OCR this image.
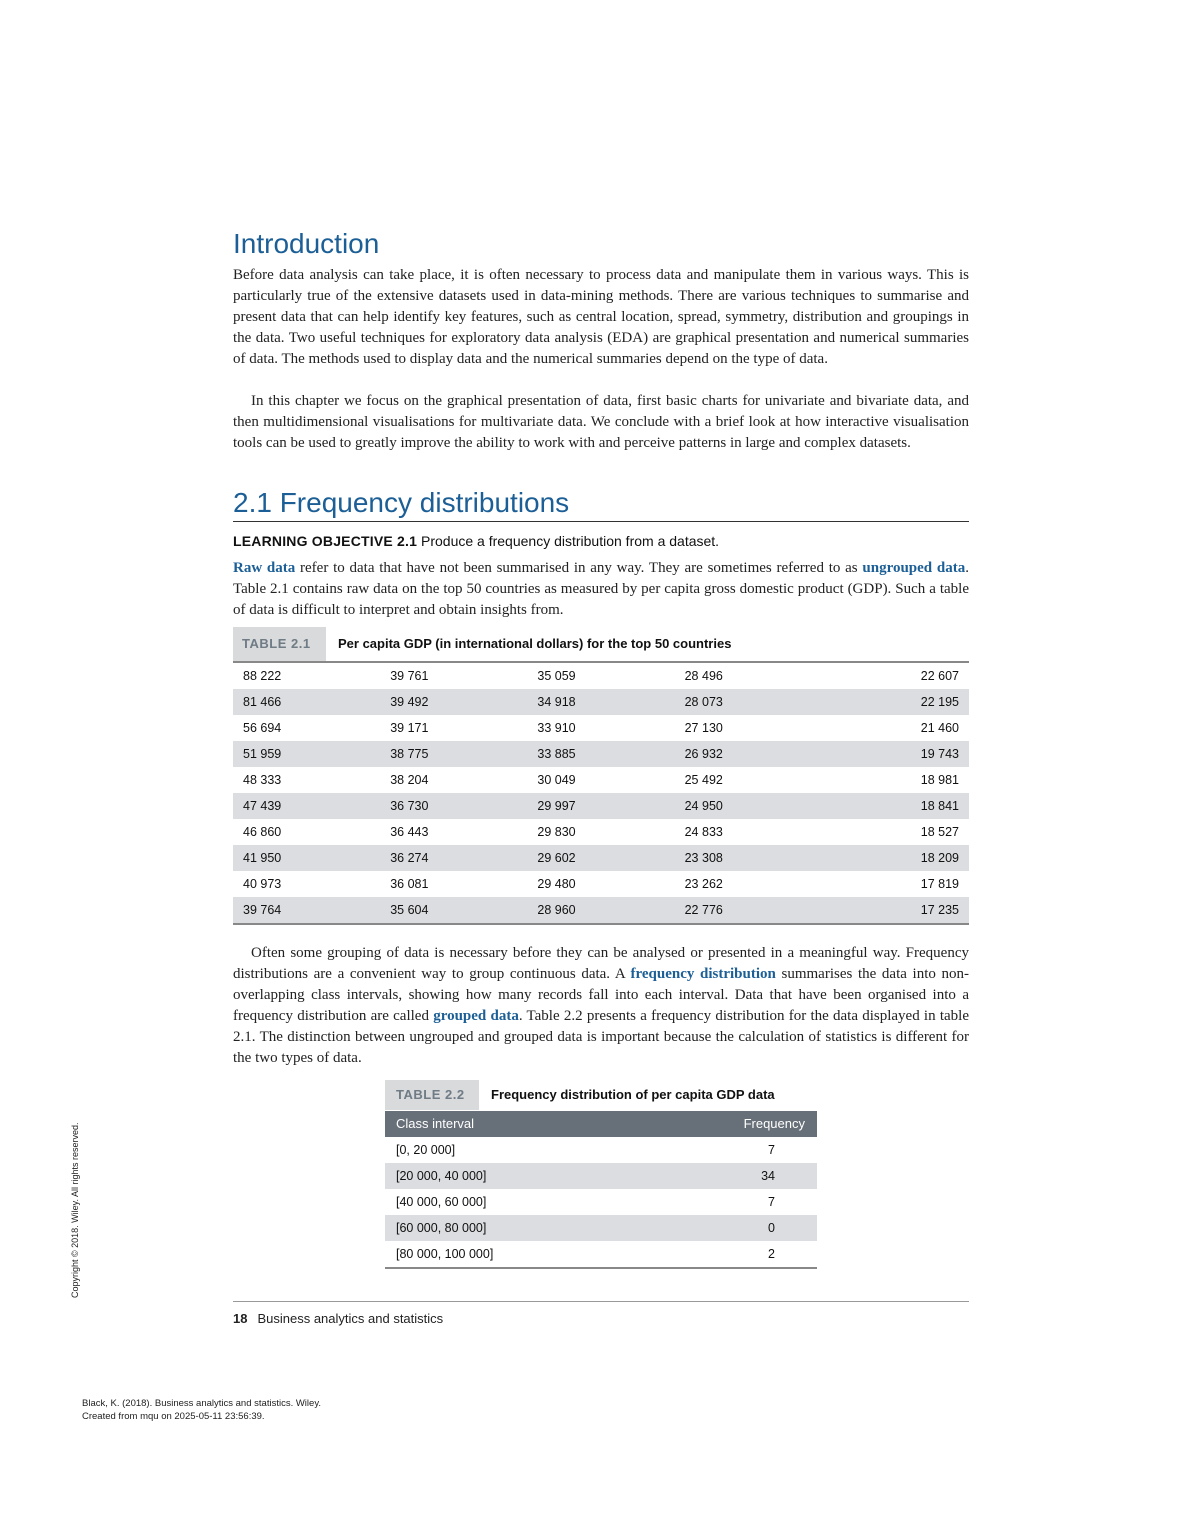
Introduction

Before data analysis can take place, it is often necessary to process data and manipulate them in various ways. This is particularly true of the extensive datasets used in data-mining methods. There are various techniques to summarise and present data that can help identify key features, such as central location, spread, symmetry, distribution and groupings in the data. Two useful techniques for exploratory data analysis (EDA) are graphical presentation and numerical summaries of data. The methods used to display data and the numerical summaries depend on the type of data.

In this chapter we focus on the graphical presentation of data, first basic charts for univariate and bivariate data, and then multidimensional visualisations for multivariate data. We conclude with a brief look at how interactive visualisation tools can be used to greatly improve the ability to work with and perceive patterns in large and complex datasets.

2.1 Frequency distributions
LEARNING OBJECTIVE 2.1 Produce a frequency distribution from a dataset.

Raw data refer to data that have not been summarised in any way. They are sometimes referred to as ungrouped data. Table 2.1 contains raw data on the top 50 countries as measured by per capita gross domestic product (GDP). Such a table of data is difficult to interpret and obtain insights from.

TABLE 2.1	Per capita GDP (in international dollars) for the top 50 countries
88 222	39 761	35 059	28 496	22 607
81 466	39 492	34 918	28 073	22 195
56 694	39 171	33 910	27 130	21 460
51 959	38 775	33 885	26 932	19 743
48 333	38 204	30 049	25 492	18 981
47 439	36 730	29 997	24 950	18 841
46 860	36 443	29 830	24 833	18 527
41 950	36 274	29 602	23 308	18 209
40 973	36 081	29 480	23 262	17 819
39 764	35 604	28 960	22 776	17 235

Often some grouping of data is necessary before they can be analysed or presented in a meaningful way. Frequency distributions are a convenient way to group continuous data. A frequency distribution summarises the data into non-overlapping class intervals, showing how many records fall into each interval. Data that have been organised into a frequency distribution are called grouped data. Table 2.2 presents a frequency distribution for the data displayed in table 2.1. The distinction between ungrouped and grouped data is important because the calculation of statistics is different for the two types of data.

TABLE 2.2	Frequency distribution of per capita GDP data
Class interval	Frequency
[0, 20 000]	7
[20 000, 40 000]	34
[40 000, 60 000]	7
[60 000, 80 000]	0
[80 000, 100 000]	2
18 Business analytics and statistics
Copyright © 2018. Wiley. All rights reserved.
Black, K. (2018). Business analytics and statistics. Wiley.
Created from mqu on 2025-05-11 23:56:39.
